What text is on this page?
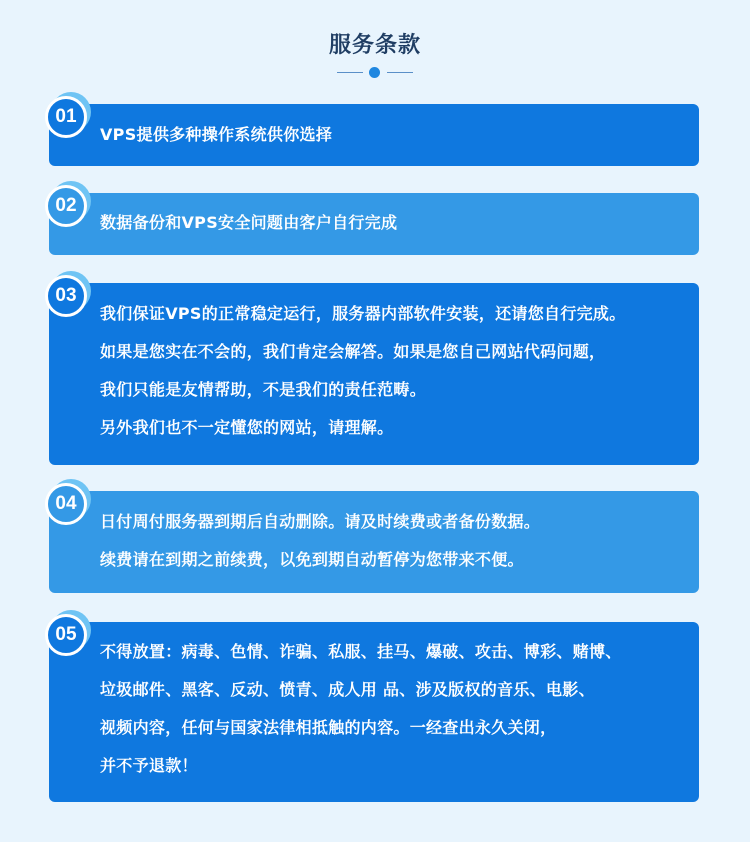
服务条款
01
VPS提供多种操作系统供你选择
02
数据备份和VPS安全问题由客户自行完成
03
我们保证VPS的正常稳定运行，服务器内部软件安装，还请您自行完成。
如果是您实在不会的，我们肯定会解答。如果是您自己网站代码问题，
我们只能是友情帮助，不是我们的责任范畴。
另外我们也不一定懂您的网站，请理解。
04
日付周付服务器到期后自动删除。请及时续费或者备份数据。
续费请在到期之前续费，以免到期自动暂停为您带来不便。
05
不得放置：病毒、色情、诈骗、私服、挂马、爆破、攻击、博彩、赌博、
垃圾邮件、黑客、反动、愤青、成人用 品、涉及版权的音乐、电影、
视频内容，任何与国家法律相抵触的内容。一经查出永久关闭，
并不予退款！
